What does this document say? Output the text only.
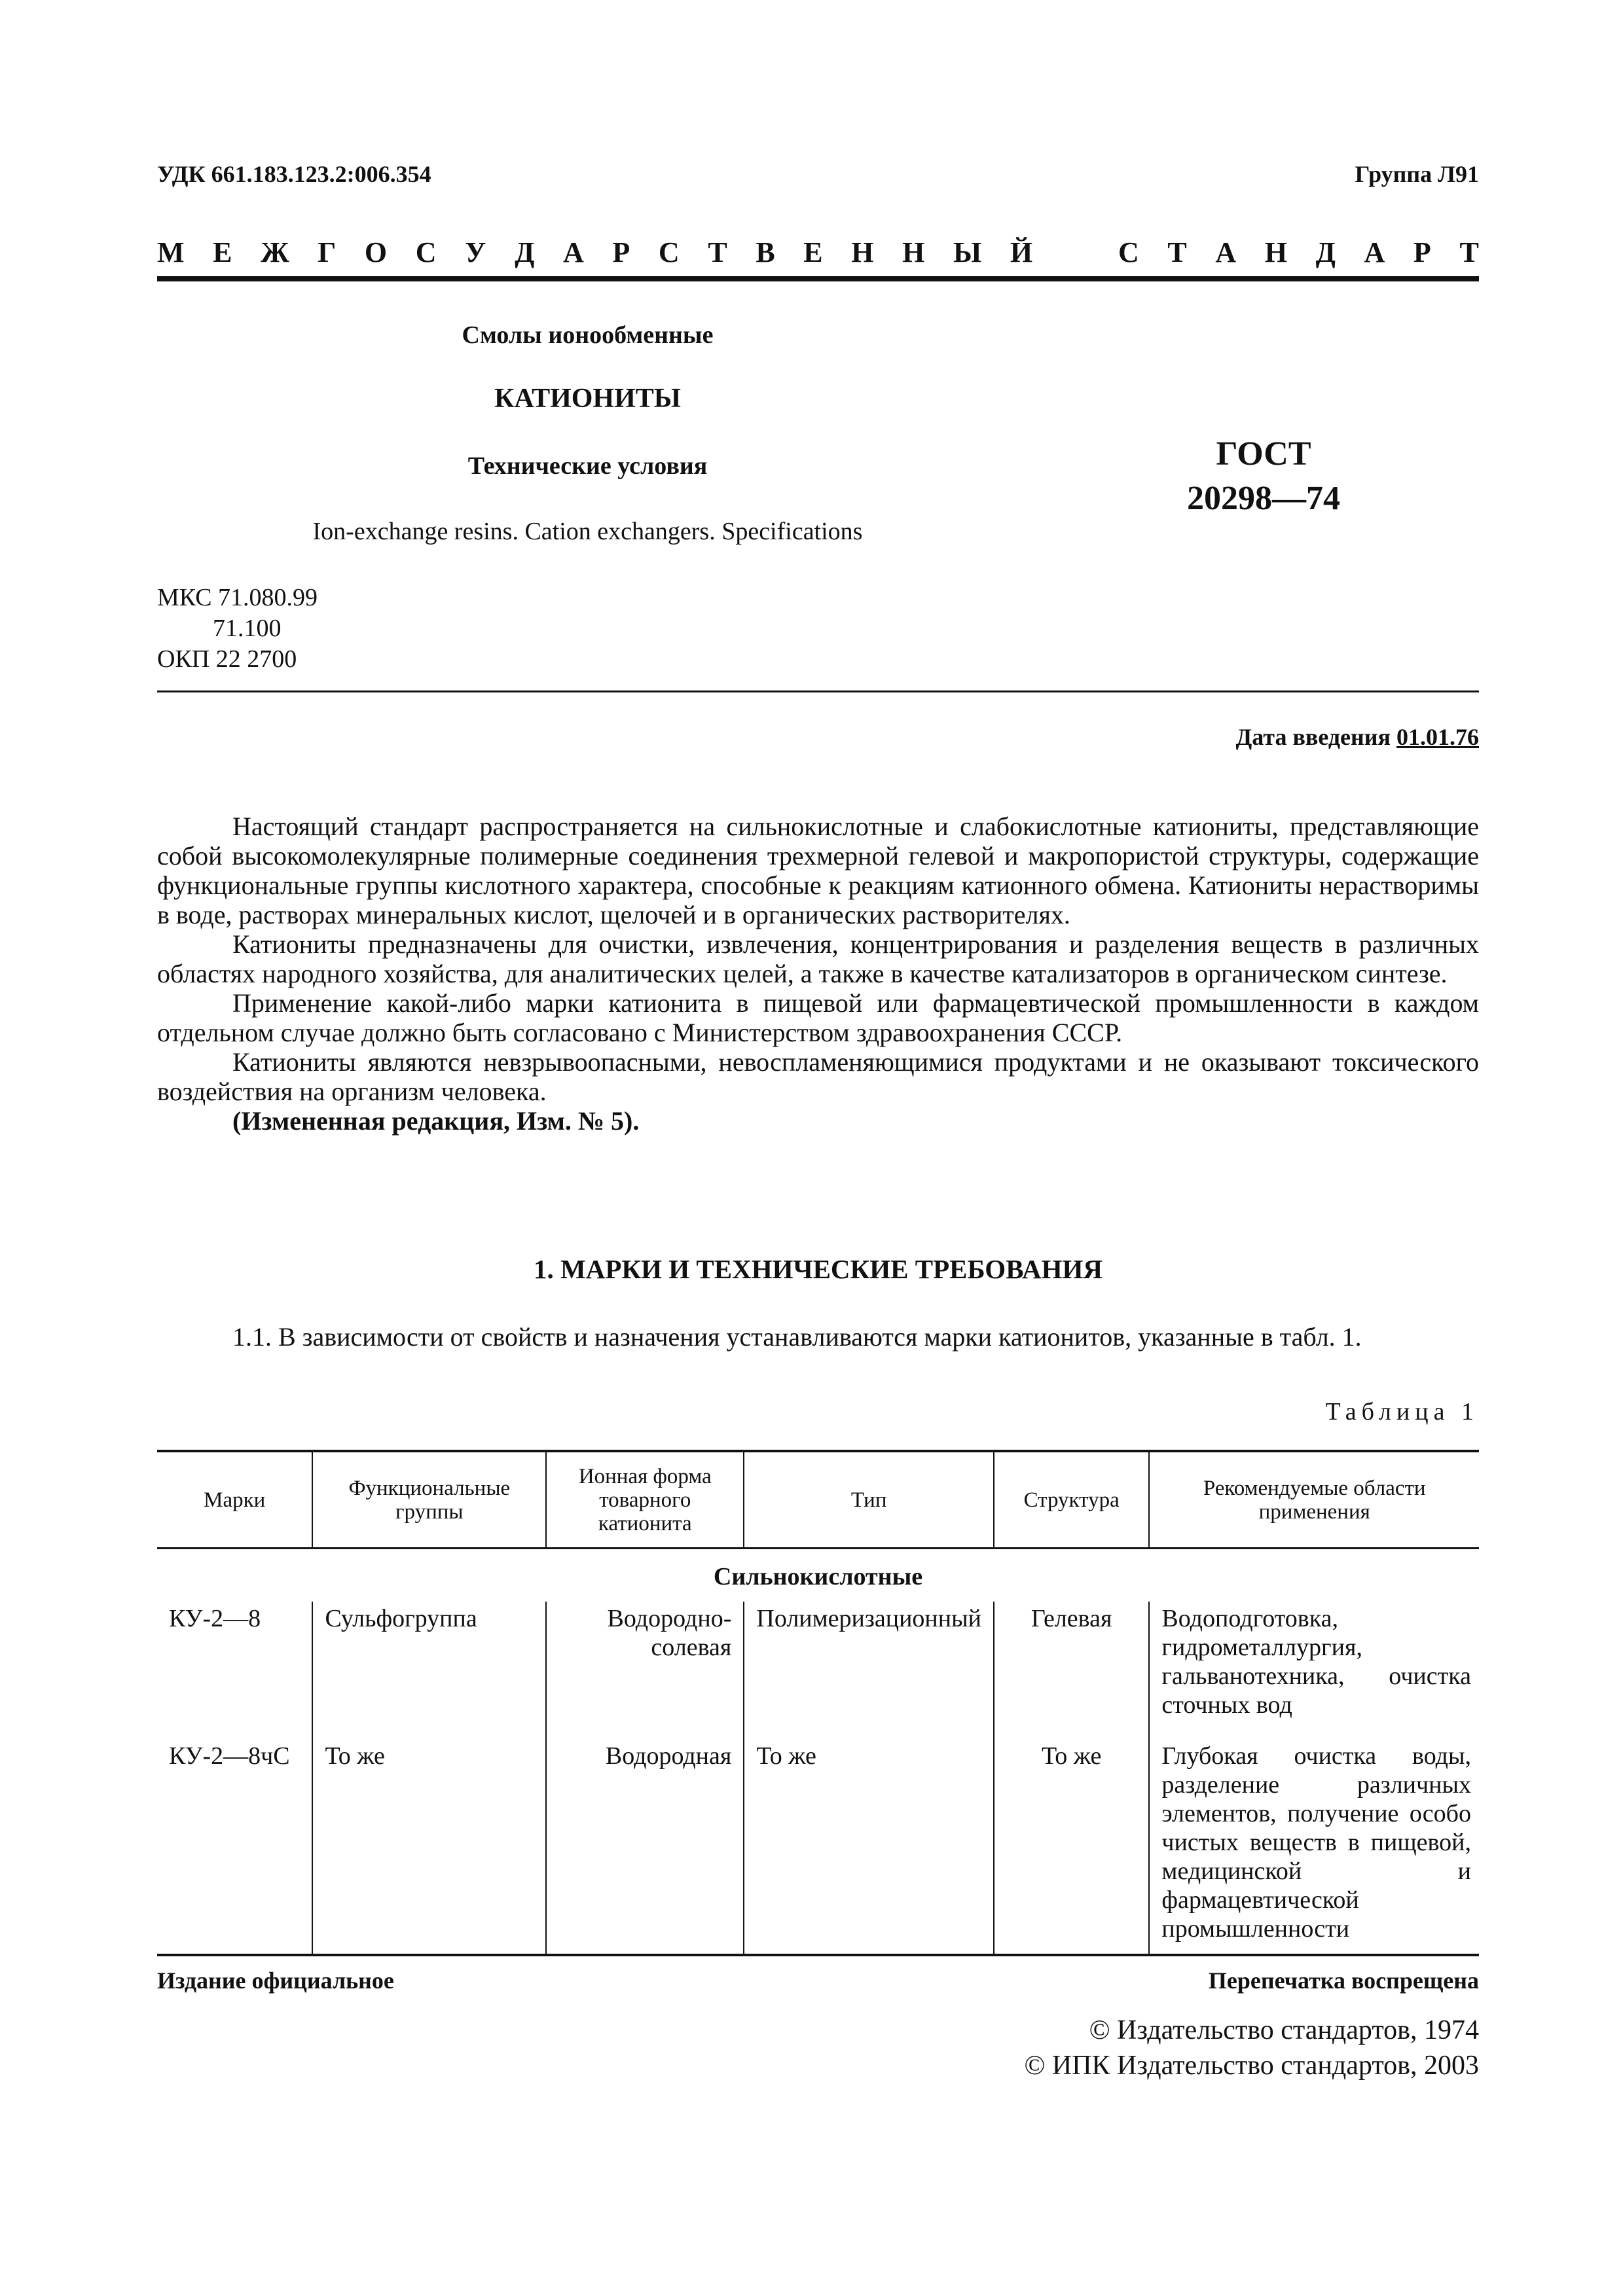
УДК 661.183.123.2:006.354	Группа Л91
М Е Ж Г О С У Д А Р С Т В Е Н Н Ы Й	С Т А Н Д А Р Т
Смолы ионообменные
КАТИОНИТЫ
Технические условия
Ion-exchange resins. Cation exchangers. Specifications
ГОСТ
20298—74
МКС 71.080.99
71.100
ОКП 22 2700
Дата введения 01.01.76

Настоящий стандарт распространяется на сильнокислотные и слабокислотные катиониты, представляющие собой высокомолекулярные полимерные соединения трехмерной гелевой и макропористой структуры, содержащие функциональные группы кислотного характера, способные к реакциям катионного обмена. Катиониты нерастворимы в воде, растворах минеральных кислот, щелочей и в органических растворителях.

Катиониты предназначены для очистки, извлечения, концентрирования и разделения веществ в различных областях народного хозяйства, для аналитических целей, а также в качестве катализаторов в органическом синтезе.

Применение какой-либо марки катионита в пищевой или фармацевтической промышленности в каждом отдельном случае должно быть согласовано с Министерством здравоохранения СССР.

Катиониты являются невзрывоопасными, невоспламеняющимися продуктами и не оказывают токсического воздействия на организм человека.

(Измененная редакция, Изм. № 5).

1. МАРКИ И ТЕХНИЧЕСКИЕ ТРЕБОВАНИЯ

1.1. В зависимости от свойств и назначения устанавливаются марки катионитов, указанные в табл. 1.

Таблица 1
Марки	Функциональные группы	Ионная форма товарного катионита	Тип	Структура	Рекомендуемые области применения
Сильнокислотные					
КУ-2—8	Сульфогруппа	Водородно-солевая	Полимеризационный	Гелевая	Водоподготовка, гидрометаллургия, гальванотехника, очистка сточных вод
КУ-2—8чС	То же	Водородная	То же	То же	Глубокая очистка воды, разделение различных элементов, получение особо чистых веществ в пищевой, медицинской и фармацевтической промышленности
Издание официальное	Перепечатка воспрещена
© Издательство стандартов, 1974
© ИПК Издательство стандартов, 2003
